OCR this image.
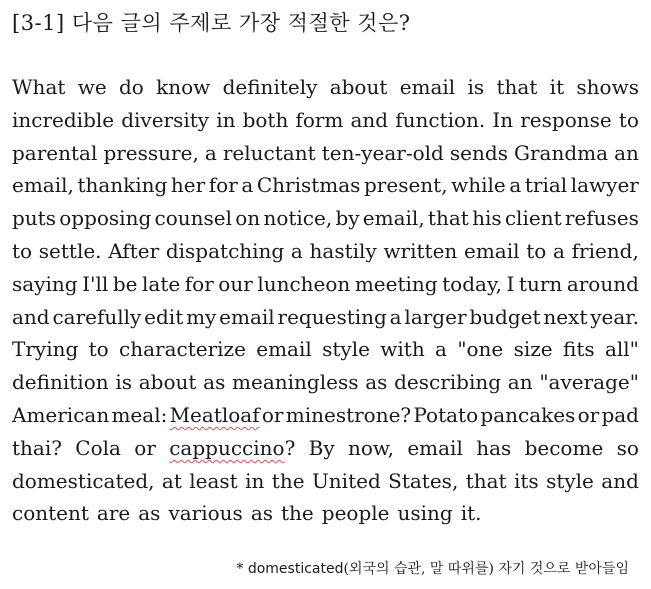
[3-1] 다음 글의 주제로 가장 적절한 것은?
What we do know definitely about email is that it shows
incredible diversity in both form and function. In response to
parental pressure, a reluctant ten-year-old sends Grandma an
email, thanking her for a Christmas present, while a trial lawyer
puts opposing counsel on notice, by email, that his client refuses
to settle. After dispatching a hastily written email to a friend,
saying I'll be late for our luncheon meeting today, I turn around
and carefully edit my email requesting a larger budget next year.
Trying to characterize email style with a "one size fits all"
definition is about as meaningless as describing an "average"
American meal: Meatloaf or minestrone? Potato pancakes or pad
thai? Cola or cappuccino? By now, email has become so
domesticated, at least in the United States, that its style and
content are as various as the people using it.
* domesticated(외국의 습관, 말 따위를) 자기 것으로 받아들임
